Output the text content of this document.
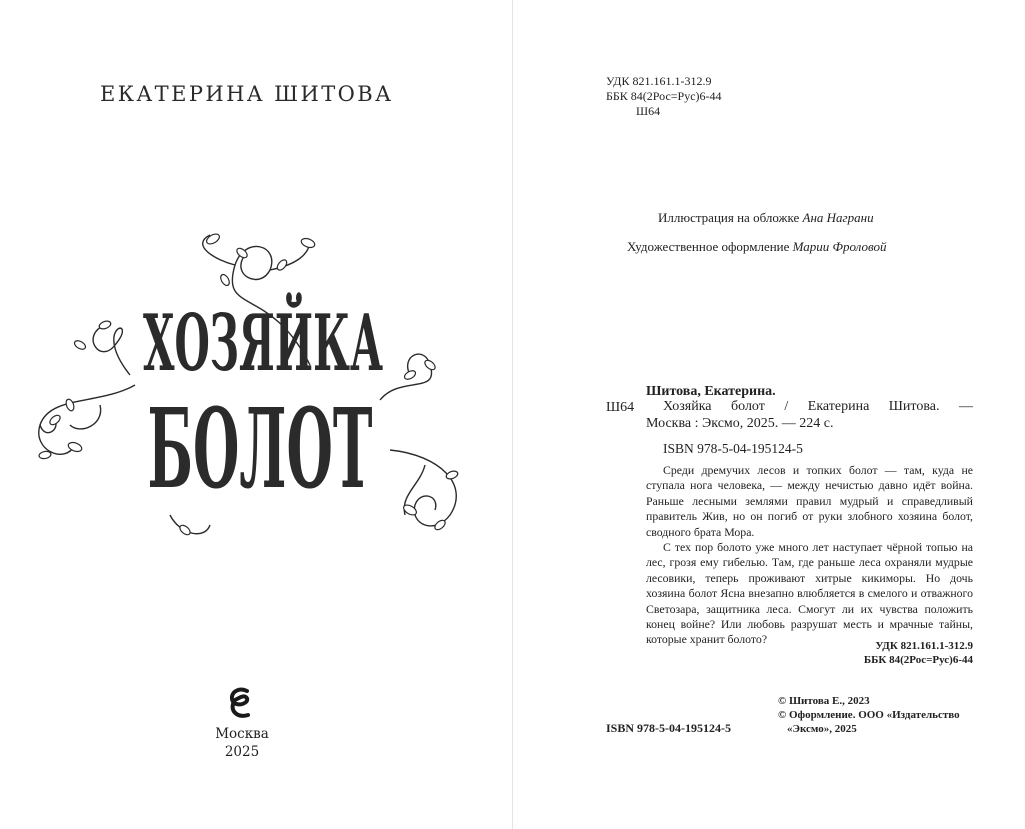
ЕКАТЕРИНА ШИТОВА
ХОЗЯЙКА
БОЛОТ
Москва
2025
УДК 821.161.1-312.9
ББК 84(2Рос=Рус)6-44
Ш64
Иллюстрация на обложке Ана Награни
Художественное оформление Марии Фроловой
Шитова, Екатерина.
Ш64 Хозяйка болот / Екатерина Шитова. —
Москва : Эксмо, 2025. — 224 с.
ISBN 978-5-04-195124-5

Среди дремучих лесов и топких болот — там, куда не ступала нога человека, — между нечистью давно идёт война. Раньше лесными землями правил мудрый и справедливый правитель Жив, но он погиб от руки злобного хозяина болот, сводного брата Мора.

С тех пор болото уже много лет наступает чёрной топью на лес, грозя ему гибелью. Там, где раньше леса охраняли мудрые лесовики, теперь проживают хитрые кикиморы. Но дочь хозяина болот Ясна внезапно влюбляется в смелого и отважного Светозара, защитника леса. Смогут ли их чувства положить конец войне? Или любовь разрушат месть и мрачные тайны, которые хранит болото?	УДК 821.161.1-312.9
ББК 84(2Рос=Рус)6-44
© Шитова Е., 2023
© Оформление. ООО «Издательство
«Эксмо», 2025
ISBN 978-5-04-195124-5
